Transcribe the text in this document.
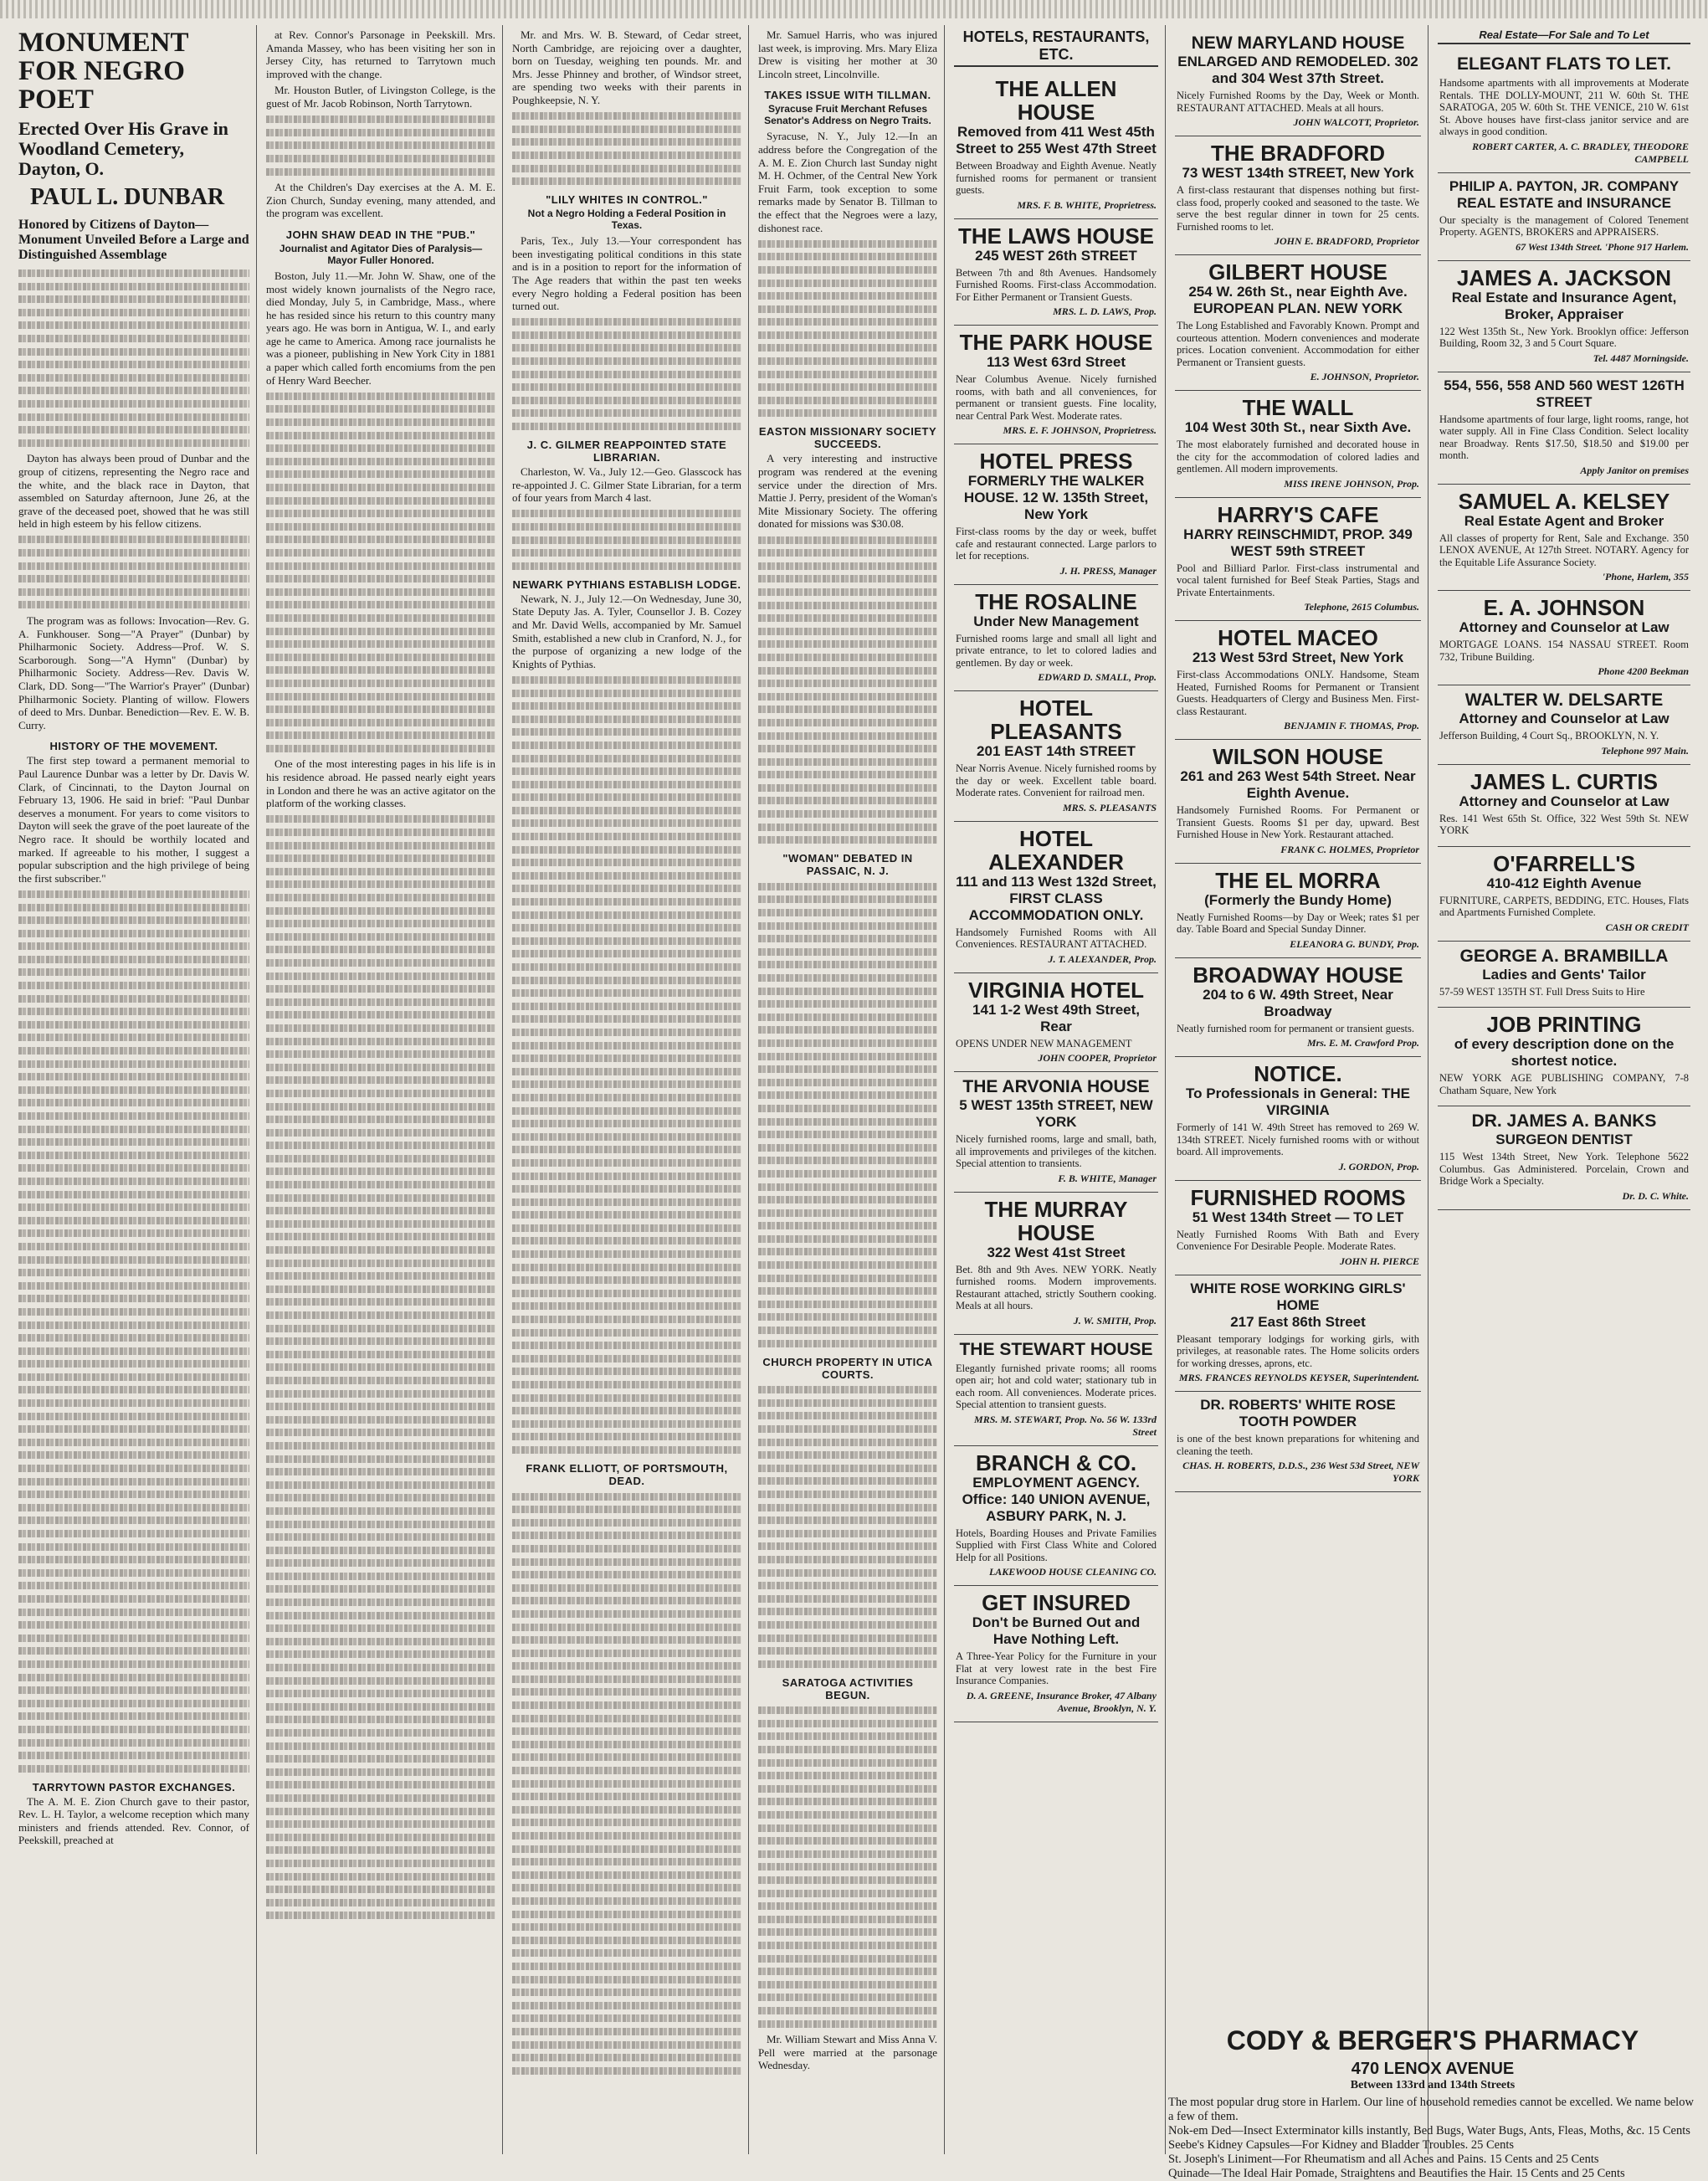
MONUMENT FOR NEGRO POET
Erected Over His Grave in Woodland Cemetery, Dayton, O.
PAUL L. DUNBAR
Honored by Citizens of Dayton—Monument Unveiled Before a Large and Distinguished Assemblage

Dayton has always been proud of Dunbar and the group of citizens, representing the Negro race and the white, and the black race in Dayton, that assembled on Saturday afternoon, June 26, at the grave of the deceased poet, showed that he was still held in high esteem by his fellow citizens.

The program was as follows: Invocation—Rev. G. A. Funkhouser. Song—"A Prayer" (Dunbar) by Philharmonic Society. Address—Prof. W. S. Scarborough. Song—"A Hymn" (Dunbar) by Philharmonic Society. Address—Rev. Davis W. Clark, DD. Song—"The Warrior's Prayer" (Dunbar) Philharmonic Society. Planting of willow. Flowers of deed to Mrs. Dunbar. Benediction—Rev. E. W. B. Curry.

HISTORY OF THE MOVEMENT.

The first step toward a permanent memorial to Paul Laurence Dunbar was a letter by Dr. Davis W. Clark, of Cincinnati, to the Dayton Journal on February 13, 1906. He said in brief: "Paul Dunbar deserves a monument. For years to come visitors to Dayton will seek the grave of the poet laureate of the Negro race. It should be worthily located and marked. If agreeable to his mother, I suggest a popular subscription and the high privilege of being the first subscriber."

TARRYTOWN PASTOR EXCHANGES.

The A. M. E. Zion Church gave to their pastor, Rev. L. H. Taylor, a welcome reception which many ministers and friends attended. Rev. Connor, of Peekskill, preached at

at Rev. Connor's Parsonage in Peekskill. Mrs. Amanda Massey, who has been visiting her son in Jersey City, has returned to Tarrytown much improved with the change.

Mr. Houston Butler, of Livingston College, is the guest of Mr. Jacob Robinson, North Tarrytown.

At the Children's Day exercises at the A. M. E. Zion Church, Sunday evening, many attended, and the program was excellent.

JOHN SHAW DEAD IN THE "PUB."
Journalist and Agitator Dies of Paralysis—Mayor Fuller Honored.

Boston, July 11.—Mr. John W. Shaw, one of the most widely known journalists of the Negro race, died Monday, July 5, in Cambridge, Mass., where he has resided since his return to this country many years ago. He was born in Antigua, W. I., and early age he came to America. Among race journalists he was a pioneer, publishing in New York City in 1881 a paper which called forth encomiums from the pen of Henry Ward Beecher.

One of the most interesting pages in his life is in his residence abroad. He passed nearly eight years in London and there he was an active agitator on the platform of the working classes.

Mr. and Mrs. W. B. Steward, of Cedar street, North Cambridge, are rejoicing over a daughter, born on Tuesday, weighing ten pounds. Mr. and Mrs. Jesse Phinney and brother, of Windsor street, are spending two weeks with their parents in Poughkeepsie, N. Y.

"LILY WHITES IN CONTROL."
Not a Negro Holding a Federal Position in Texas.

Paris, Tex., July 13.—Your correspondent has been investigating political conditions in this state and is in a position to report for the information of The Age readers that within the past ten weeks every Negro holding a Federal position has been turned out.

J. C. GILMER REAPPOINTED STATE LIBRARIAN.

Charleston, W. Va., July 12.—Geo. Glasscock has re-appointed J. C. Gilmer State Librarian, for a term of four years from March 4 last.

NEWARK PYTHIANS ESTABLISH LODGE.

Newark, N. J., July 12.—On Wednesday, June 30, State Deputy Jas. A. Tyler, Counsellor J. B. Cozey and Mr. David Wells, accompanied by Mr. Samuel Smith, established a new club in Cranford, N. J., for the purpose of organizing a new lodge of the Knights of Pythias.

FRANK ELLIOTT, OF PORTSMOUTH, DEAD.

Mr. Samuel Harris, who was injured last week, is improving. Mrs. Mary Eliza Drew is visiting her mother at 30 Lincoln street, Lincolnville.

TAKES ISSUE WITH TILLMAN.
Syracuse Fruit Merchant Refuses Senator's Address on Negro Traits.

Syracuse, N. Y., July 12.—In an address before the Congregation of the A. M. E. Zion Church last Sunday night M. H. Ochmer, of the Central New York Fruit Farm, took exception to some remarks made by Senator B. Tillman to the effect that the Negroes were a lazy, dishonest race.

EASTON MISSIONARY SOCIETY SUCCEEDS.

A very interesting and instructive program was rendered at the evening service under the direction of Mrs. Mattie J. Perry, president of the Woman's Mite Missionary Society. The offering donated for missions was $30.08.

"WOMAN" DEBATED IN PASSAIC, N. J.
CHURCH PROPERTY IN UTICA COURTS.
SARATOGA ACTIVITIES BEGUN.

Mr. William Stewart and Miss Anna V. Pell were married at the parsonage Wednesday.

HOTELS, RESTAURANTS, ETC.
THE ALLEN HOUSE
Removed from 411 West 45th Street to 255 West 47th Street
Between Broadway and Eighth Avenue. Neatly furnished rooms for permanent or transient guests.
MRS. F. B. WHITE, Proprietress.
THE LAWS HOUSE
245 WEST 26th STREET
Between 7th and 8th Avenues. Handsomely Furnished Rooms. First-class Accommodation. For Either Permanent or Transient Guests.
MRS. L. D. LAWS, Prop.
THE PARK HOUSE
113 West 63rd Street
Near Columbus Avenue. Nicely furnished rooms, with bath and all conveniences, for permanent or transient guests. Fine locality, near Central Park West. Moderate rates.
MRS. E. F. JOHNSON, Proprietress.
HOTEL PRESS
FORMERLY THE WALKER HOUSE. 12 W. 135th Street, New York
First-class rooms by the day or week, buffet cafe and restaurant connected. Large parlors to let for receptions.
J. H. PRESS, Manager
THE ROSALINE
Under New Management
Furnished rooms large and small all light and private entrance, to let to colored ladies and gentlemen. By day or week.
EDWARD D. SMALL, Prop.
HOTEL PLEASANTS
201 EAST 14th STREET
Near Norris Avenue. Nicely furnished rooms by the day or week. Excellent table board. Moderate rates. Convenient for railroad men.
MRS. S. PLEASANTS
HOTEL ALEXANDER
111 and 113 West 132d Street, FIRST CLASS ACCOMMODATION ONLY.
Handsomely Furnished Rooms with All Conveniences. RESTAURANT ATTACHED.
J. T. ALEXANDER, Prop.
VIRGINIA HOTEL
141 1-2 West 49th Street, Rear
OPENS UNDER NEW MANAGEMENT
JOHN COOPER, Proprietor
THE ARVONIA HOUSE
5 WEST 135th STREET, NEW YORK
Nicely furnished rooms, large and small, bath, all improvements and privileges of the kitchen. Special attention to transients.
F. B. WHITE, Manager
THE MURRAY HOUSE
322 West 41st Street
Bet. 8th and 9th Aves. NEW YORK. Neatly furnished rooms. Modern improvements. Restaurant attached, strictly Southern cooking. Meals at all hours.
J. W. SMITH, Prop.
THE STEWART HOUSE
Elegantly furnished private rooms; all rooms open air; hot and cold water; stationary tub in each room. All conveniences. Moderate prices. Special attention to transient guests.
MRS. M. STEWART, Prop. No. 56 W. 133rd Street
BRANCH & CO.
EMPLOYMENT AGENCY. Office: 140 UNION AVENUE, ASBURY PARK, N. J.
Hotels, Boarding Houses and Private Families Supplied with First Class White and Colored Help for all Positions.
LAKEWOOD HOUSE CLEANING CO.
GET INSURED
Don't be Burned Out and Have Nothing Left.
A Three-Year Policy for the Furniture in your Flat at very lowest rate in the best Fire Insurance Companies.
D. A. GREENE, Insurance Broker, 47 Albany Avenue, Brooklyn, N. Y.
NEW MARYLAND HOUSE
ENLARGED AND REMODELED. 302 and 304 West 37th Street.
Nicely Furnished Rooms by the Day, Week or Month. RESTAURANT ATTACHED. Meals at all hours.
JOHN WALCOTT, Proprietor.
THE BRADFORD
73 WEST 134th STREET, New York
A first-class restaurant that dispenses nothing but first-class food, properly cooked and seasoned to the taste. We serve the best regular dinner in town for 25 cents. Furnished rooms to let.
JOHN E. BRADFORD, Proprietor
GILBERT HOUSE
254 W. 26th St., near Eighth Ave. EUROPEAN PLAN. NEW YORK
The Long Established and Favorably Known. Prompt and courteous attention. Modern conveniences and moderate prices. Location convenient. Accommodation for either Permanent or Transient guests.
E. JOHNSON, Proprietor.
THE WALL
104 West 30th St., near Sixth Ave.
The most elaborately furnished and decorated house in the city for the accommodation of colored ladies and gentlemen. All modern improvements.
MISS IRENE JOHNSON, Prop.
HARRY'S CAFE
HARRY REINSCHMIDT, PROP. 349 WEST 59th STREET
Pool and Billiard Parlor. First-class instrumental and vocal talent furnished for Beef Steak Parties, Stags and Private Entertainments.
Telephone, 2615 Columbus.
HOTEL MACEO
213 West 53rd Street, New York
First-class Accommodations ONLY. Handsome, Steam Heated, Furnished Rooms for Permanent or Transient Guests. Headquarters of Clergy and Business Men. First-class Restaurant.
BENJAMIN F. THOMAS, Prop.
WILSON HOUSE
261 and 263 West 54th Street. Near Eighth Avenue.
Handsomely Furnished Rooms. For Permanent or Transient Guests. Rooms $1 per day, upward. Best Furnished House in New York. Restaurant attached.
FRANK C. HOLMES, Proprietor
THE EL MORRA
(Formerly the Bundy Home)
Neatly Furnished Rooms—by Day or Week; rates $1 per day. Table Board and Special Sunday Dinner.
ELEANORA G. BUNDY, Prop.
BROADWAY HOUSE
204 to 6 W. 49th Street, Near Broadway
Neatly furnished room for permanent or transient guests.
Mrs. E. M. Crawford Prop.
NOTICE.
To Professionals in General: THE VIRGINIA
Formerly of 141 W. 49th Street has removed to 269 W. 134th STREET. Nicely furnished rooms with or without board. All improvements.
J. GORDON, Prop.
FURNISHED ROOMS
51 West 134th Street — TO LET
Neatly Furnished Rooms With Bath and Every Convenience For Desirable People. Moderate Rates.
JOHN H. PIERCE
WHITE ROSE WORKING GIRLS' HOME
217 East 86th Street
Pleasant temporary lodgings for working girls, with privileges, at reasonable rates. The Home solicits orders for working dresses, aprons, etc.
MRS. FRANCES REYNOLDS KEYSER, Superintendent.
DR. ROBERTS' WHITE ROSE TOOTH POWDER
is one of the best known preparations for whitening and cleaning the teeth.
CHAS. H. ROBERTS, D.D.S., 236 West 53d Street, NEW YORK
Real Estate—For Sale and To Let
ELEGANT FLATS TO LET.
Handsome apartments with all improvements at Moderate Rentals. THE DOLLY-MOUNT, 211 W. 60th St. THE SARATOGA, 205 W. 60th St. THE VENICE, 210 W. 61st St. Above houses have first-class janitor service and are always in good condition.
ROBERT CARTER, A. C. BRADLEY, THEODORE CAMPBELL
PHILIP A. PAYTON, JR. COMPANY
REAL ESTATE and INSURANCE
Our specialty is the management of Colored Tenement Property. AGENTS, BROKERS and APPRAISERS.
67 West 134th Street. 'Phone 917 Harlem.
JAMES A. JACKSON
Real Estate and Insurance Agent, Broker, Appraiser
122 West 135th St., New York. Brooklyn office: Jefferson Building, Room 32, 3 and 5 Court Square.
Tel. 4487 Morningside.
554, 556, 558 AND 560 WEST 126TH STREET
Handsome apartments of four large, light rooms, range, hot water supply. All in Fine Class Condition. Select locality near Broadway. Rents $17.50, $18.50 and $19.00 per month.
Apply Janitor on premises
SAMUEL A. KELSEY
Real Estate Agent and Broker
All classes of property for Rent, Sale and Exchange. 350 LENOX AVENUE, At 127th Street. NOTARY. Agency for the Equitable Life Assurance Society.
'Phone, Harlem, 355
E. A. JOHNSON
Attorney and Counselor at Law
MORTGAGE LOANS. 154 NASSAU STREET. Room 732, Tribune Building.
Phone 4200 Beekman
WALTER W. DELSARTE
Attorney and Counselor at Law
Jefferson Building, 4 Court Sq., BROOKLYN, N. Y.
Telephone 997 Main.
JAMES L. CURTIS
Attorney and Counselor at Law
Res. 141 West 65th St. Office, 322 West 59th St. NEW YORK
O'FARRELL'S
410-412 Eighth Avenue
FURNITURE, CARPETS, BEDDING, ETC. Houses, Flats and Apartments Furnished Complete.
CASH OR CREDIT
GEORGE A. BRAMBILLA
Ladies and Gents' Tailor
57-59 WEST 135TH ST. Full Dress Suits to Hire
JOB PRINTING
of every description done on the shortest notice.
NEW YORK AGE PUBLISHING COMPANY, 7-8 Chatham Square, New York
DR. JAMES A. BANKS
SURGEON DENTIST
115 West 134th Street, New York. Telephone 5622 Columbus. Gas Administered. Porcelain, Crown and Bridge Work a Specialty.
Dr. D. C. White.
CODY & BERGER'S PHARMACY
470 LENOX AVENUE
Between 133rd and 134th Streets
The most popular drug store in Harlem. Our line of household remedies cannot be excelled. We name below a few of them.
Nok-em Ded—Insect Exterminator kills instantly, Bed Bugs, Water Bugs, Ants, Fleas, Moths, &c. 15 Cents
Seebe's Kidney Capsules—For Kidney and Bladder Troubles. 25 Cents
St. Joseph's Liniment—For Rheumatism and all Aches and Pains. 15 Cents and 25 Cents
Quinade—The Ideal Hair Pomade, Straightens and Beautifies the Hair. 15 Cents and 25 Cents
